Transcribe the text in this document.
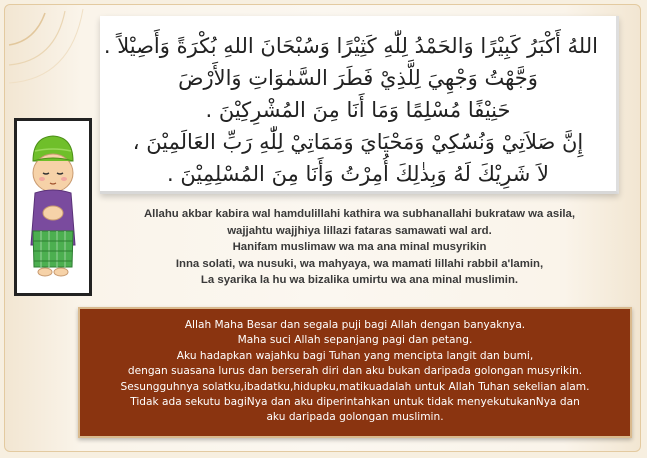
اللهُ أَكْبَرُ كَبِيْرًا وَالحَمْدُ لِلّٰهِ كَثِيْرًا وَسُبْحَانَ اللهِ بُكْرَةً وَأَصِيْلاً .
وَجَّهْتُ وَجْهِيَ لِلَّذِيْ فَطَرَ السَّمٰوَاتِ وَالأَرْضَ
حَنِيْفًا مُسْلِمًا وَمَا أَنَا مِنَ المُشْرِكِيْنَ .
إِنَّ صَلاَتِيْ وَنُسُكِيْ وَمَحْيَايَ وَمَمَاتِيْ لِلّٰهِ رَبِّ العَالَمِيْنَ ،
لاَ شَرِيْكَ لَهُ وَبِذٰلِكَ أُمِرْتُ وَأَنَا مِنَ المُسْلِمِيْنَ .
Allahu akbar kabira wal hamdulillahi kathira wa subhanallahi bukrataw wa asila,
wajjahtu wajjhiya lillazi fataras samawati wal ard.
Hanifam muslimaw wa ma ana minal musyrikin
Inna solati, wa nusuki, wa mahyaya, wa mamati lillahi rabbil a'lamin,
La syarika la hu wa bizalika umirtu wa ana minal muslimin.
Allah Maha Besar dan segala puji bagi Allah dengan banyaknya.
Maha suci Allah sepanjang pagi dan petang.
Aku hadapkan wajahku bagi Tuhan yang mencipta langit dan bumi,
dengan suasana lurus dan berserah diri dan aku bukan daripada golongan musyrikin.
Sesungguhnya solatku,ibadatku,hidupku,matikuadalah untuk Allah Tuhan sekelian alam.
Tidak ada sekutu bagiNya dan aku diperintahkan untuk tidak menyekutukanNya dan
aku daripada golongan muslimin.
